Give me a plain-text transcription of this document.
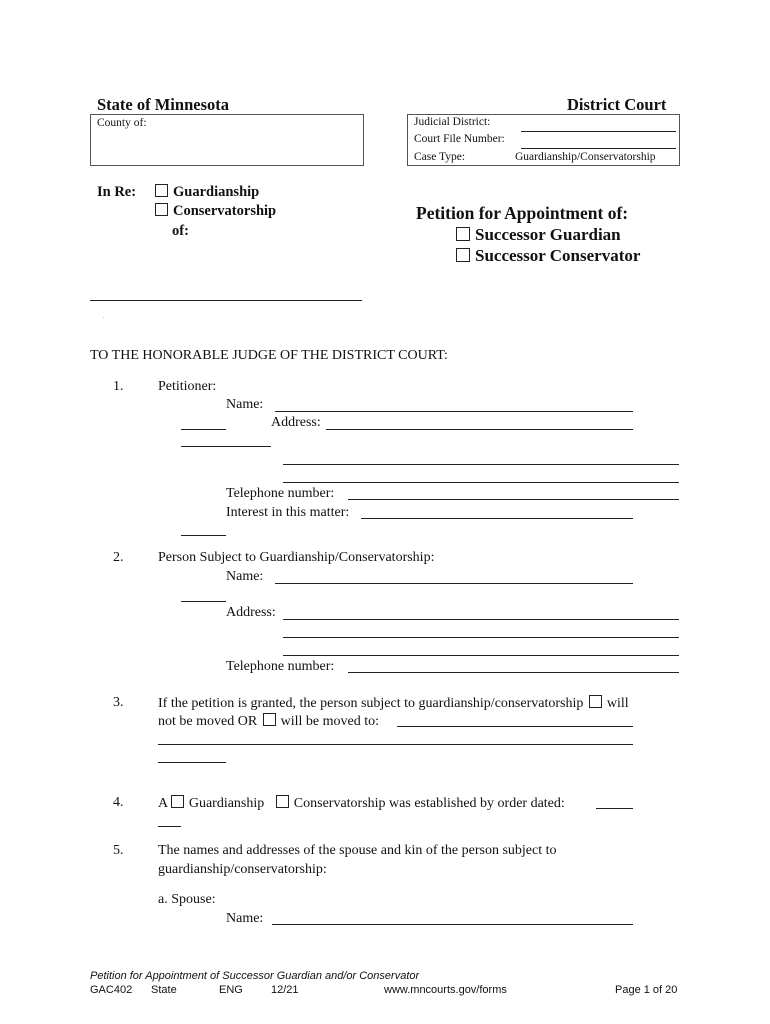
State of Minnesota	District Court
County of:	Judicial District:
Court File Number:
Case Type:	Guardianship/Conservatorship
In Re:	Guardianship
Conservatorship
of:
.
Petition for Appointment of:
Successor Guardian
Successor Conservator
TO THE HONORABLE JUDGE OF THE DISTRICT COURT:
1. Petitioner:
Name:
Address:
Telephone number:
Interest in this matter:
2. Person Subject to Guardianship/Conservatorship:
Name:
Address:
Telephone number:
3. If the petition is granted, the person subject to guardianship/conservatorship will
not be moved OR will be moved to:
4. A Guardianship Conservatorship was established by order dated:
5. The names and addresses of the spouse and kin of the person subject to
guardianship/conservatorship:
a. Spouse:
Name:
Petition for Appointment of Successor Guardian and/or Conservator
GAC402 State	ENG	12/21	www.mncourts.gov/forms	Page 1 of 20
